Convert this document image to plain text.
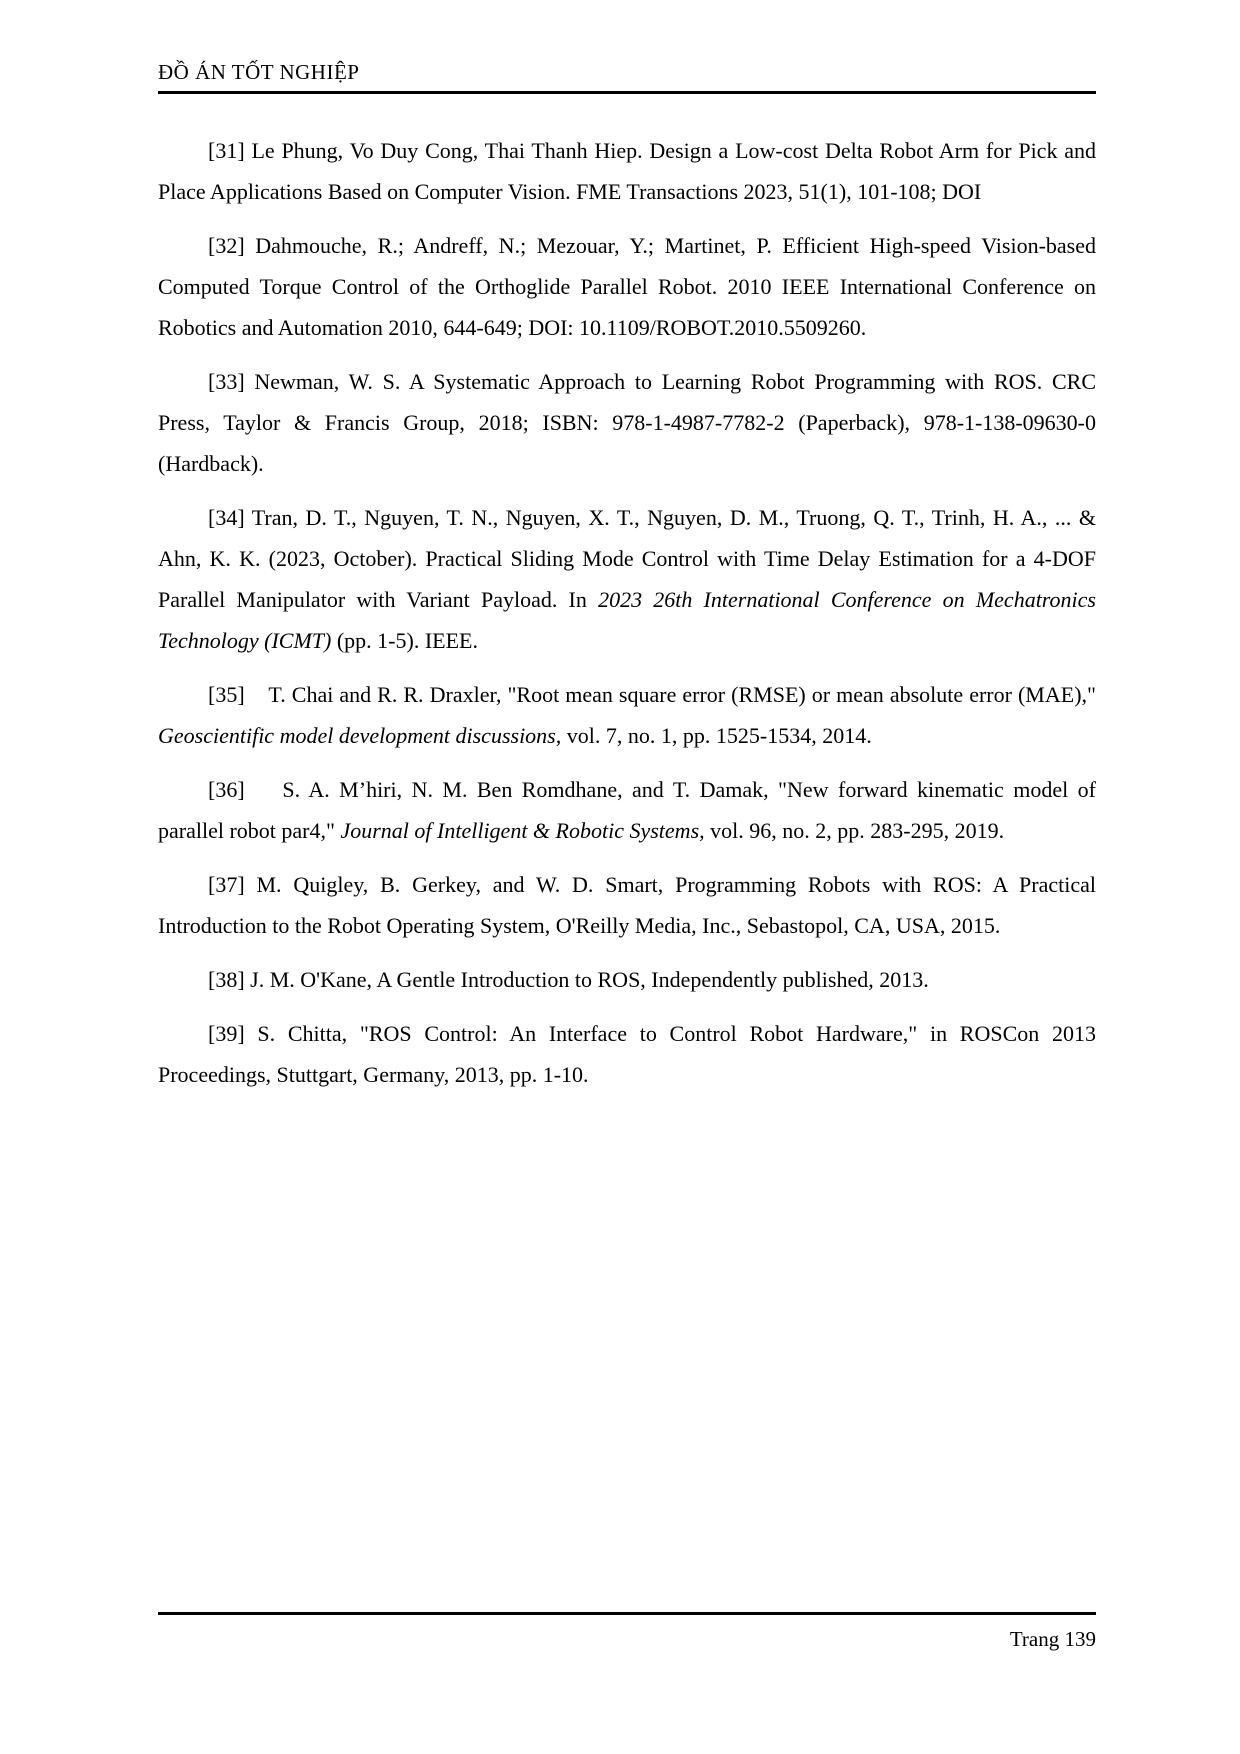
ĐỒ ÁN TỐT NGHIỆP

[31] Le Phung, Vo Duy Cong, Thai Thanh Hiep. Design a Low-cost Delta Robot Arm for Pick and Place Applications Based on Computer Vision. FME Transactions 2023, 51(1), 101-108; DOI

[32] Dahmouche, R.; Andreff, N.; Mezouar, Y.; Martinet, P. Efficient High-speed Vision-based Computed Torque Control of the Orthoglide Parallel Robot. 2010 IEEE International Conference on Robotics and Automation 2010, 644-649; DOI: 10.1109/ROBOT.2010.5509260.

[33] Newman, W. S. A Systematic Approach to Learning Robot Programming with ROS. CRC Press, Taylor & Francis Group, 2018; ISBN: 978-1-4987-7782-2 (Paperback), 978-1-138-09630-0 (Hardback).

[34] Tran, D. T., Nguyen, T. N., Nguyen, X. T., Nguyen, D. M., Truong, Q. T., Trinh, H. A., ... & Ahn, K. K. (2023, October). Practical Sliding Mode Control with Time Delay Estimation for a 4-DOF Parallel Manipulator with Variant Payload. In 2023 26th International Conference on Mechatronics Technology (ICMT) (pp. 1-5). IEEE.

[35]    T. Chai and R. R. Draxler, "Root mean square error (RMSE) or mean absolute error (MAE)," Geoscientific model development discussions, vol. 7, no. 1, pp. 1525-1534, 2014.

[36]    S. A. M’hiri, N. M. Ben Romdhane, and T. Damak, "New forward kinematic model of parallel robot par4," Journal of Intelligent & Robotic Systems, vol. 96, no. 2, pp. 283-295, 2019.

[37] M. Quigley, B. Gerkey, and W. D. Smart, Programming Robots with ROS: A Practical Introduction to the Robot Operating System, O'Reilly Media, Inc., Sebastopol, CA, USA, 2015.

[38] J. M. O'Kane, A Gentle Introduction to ROS, Independently published, 2013.

[39] S. Chitta, "ROS Control: An Interface to Control Robot Hardware," in ROSCon 2013 Proceedings, Stuttgart, Germany, 2013, pp. 1-10.

Trang 139
